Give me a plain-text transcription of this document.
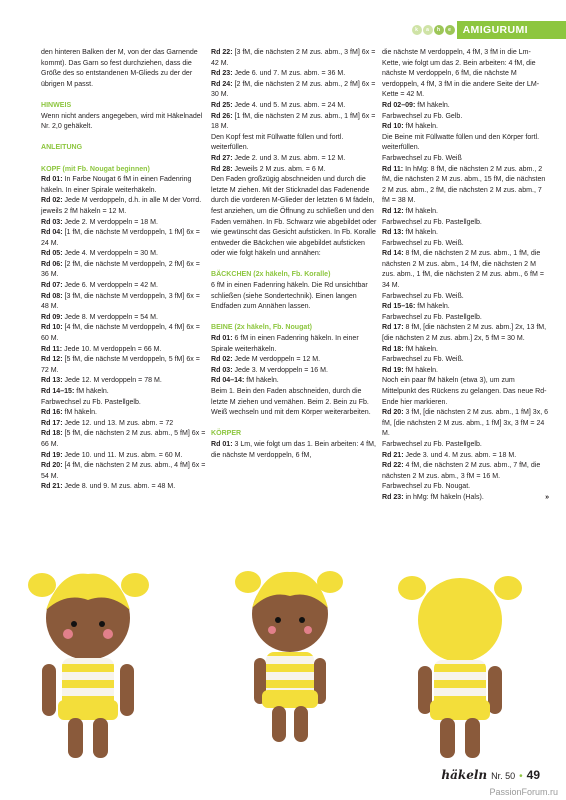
k	a	h	e	AMIGURUMI

den hinteren Balken der M, von der das Garnende kommt). Das Garn so fest durchziehen, dass die Größe des so entstandenen M-Glieds zu der der übrigen M passt.

HINWEIS

Wenn nicht anders angegeben, wird mit Häkelnadel Nr. 2,0 gehäkelt.

ANLEITUNG

KOPF (mit Fb. Nougat beginnen)

Rd 01: In Farbe Nougat 6 fM in einen Fadenring häkeln. In einer Spirale weiterhäkeln.

Rd 02: Jede M verdoppeln, d.h. in alle M der Vorrd. jeweils 2 fM häkeln = 12 M.

Rd 03: Jede 2. M verdoppeln = 18 M.

Rd 04: [1 fM, die nächste M verdoppeln, 1 fM] 6x = 24 M.

Rd 05: Jede 4. M verdoppeln = 30 M.

Rd 06: [2 fM, die nächste M verdoppeln, 2 fM] 6x = 36 M.

Rd 07: Jede 6. M verdoppeln = 42 M.

Rd 08: [3 fM, die nächste M verdoppeln, 3 fM] 6x = 48 M.

Rd 09: Jede 8. M verdoppeln = 54 M.

Rd 10: [4 fM, die nächste M verdoppeln, 4 fM] 6x = 60 M.

Rd 11: Jede 10. M verdoppeln = 66 M.

Rd 12: [5 fM, die nächste M verdoppeln, 5 fM] 6x = 72 M.

Rd 13: Jede 12. M verdoppeln = 78 M.

Rd 14–15: fM häkeln.

Farbwechsel zu Fb. Pastellgelb.

Rd 16: fM häkeln.

Rd 17: Jede 12. und 13. M zus. abm. = 72

Rd 18: [5 fM, die nächsten 2 M zus. abm., 5 fM] 6x = 66 M.

Rd 19: Jede 10. und 11. M zus. abm. = 60 M.

Rd 20: [4 fM, die nächsten 2 M zus. abm., 4 fM] 6x = 54 M.

Rd 21: Jede 8. und 9. M zus. abm. = 48 M.

Rd 22: [3 fM, die nächsten 2 M zus. abm., 3 fM] 6x = 42 M.

Rd 23: Jede 6. und 7. M zus. abm. = 36 M.

Rd 24: [2 fM, die nächsten 2 M zus. abm., 2 fM] 6x = 30 M.

Rd 25: Jede 4. und 5. M zus. abm. = 24 M.

Rd 26: [1 fM, die nächsten 2 M zus. abm., 1 fM] 6x = 18 M.

Den Kopf fest mit Füllwatte füllen und fortl. weiterfüllen.

Rd 27: Jede 2. und 3. M zus. abm. = 12 M.

Rd 28: Jeweils 2 M zus. abm. = 6 M.

Den Faden großzügig abschneiden und durch die letzte M ziehen. Mit der Sticknadel das Fadenende durch die vorderen M-Glieder der letzten 6 M fädeln, fest anziehen, um die Öffnung zu schließen und den Faden vernähen. In Fb. Schwarz wie abgebildet oder wie gewünscht das Gesicht aufsticken. In Fb. Koralle entweder die Bäckchen wie abgebildet aufsticken oder wie folgt häkeln und annähen:

BÄCKCHEN (2x häkeln, Fb. Koralle)

6 fM in einen Fadenring häkeln. Die Rd unsichtbar schließen (siehe Sondertechnik). Einen langen Endfaden zum Annähen lassen.

BEINE (2x häkeln, Fb. Nougat)

Rd 01: 6 fM in einen Fadenring häkeln. In einer Spirale weiterhäkeln.

Rd 02: Jede M verdoppeln = 12 M.

Rd 03: Jede 3. M verdoppeln = 16 M.

Rd 04–14: fM häkeln.

Beim 1. Bein den Faden abschneiden, durch die letzte M ziehen und vernähen. Beim 2. Bein zu Fb. Weiß wechseln und mit dem Körper weiterarbeiten.

KÖRPER

Rd 01: 3 Lm, wie folgt um das 1. Bein arbeiten: 4 fM, die nächste M verdoppeln, 6 fM,

die nächste M verdoppeln, 4 fM, 3 fM in die Lm-Kette, wie folgt um das 2. Bein arbeiten: 4 fM, die nächste M verdoppeln, 6 fM, die nächste M verdoppeln, 4 fM, 3 fM in die andere Seite der LM-Kette = 42 M.

Rd 02–09: fM häkeln.

Farbwechsel zu Fb. Gelb.

Rd 10: fM häkeln.

Die Beine mit Füllwatte füllen und den Körper fortl. weiterfüllen.

Farbwechsel zu Fb. Weiß

Rd 11: In hMg: 8 fM, die nächsten 2 M zus. abm., 2 fM, die nächsten 2 M zus. abm., 15 fM, die nächsten 2 M zus. abm., 2 fM, die nächsten 2 M zus. abm., 7 fM = 38 M.

Rd 12: fM häkeln.

Farbwechsel zu Fb. Pastellgelb.

Rd 13: fM häkeln.

Farbwechsel zu Fb. Weiß.

Rd 14: 8 fM, die nächsten 2 M zus. abm., 1 fM, die nächsten 2 M zus. abm., 14 fM, die nächsten 2 M zus. abm., 1 fM, die nächsten 2 M zus. abm., 6 fM = 34 M.

Farbwechsel zu Fb. Weiß.

Rd 15–16: fM häkeln.

Farbwechsel zu Fb. Pastellgelb.

Rd 17: 8 fM, [die nächsten 2 M zus. abm.] 2x, 13 fM, [die nächsten 2 M zus. abm.] 2x, 5 fM = 30 M.

Rd 18: fM häkeln.

Farbwechsel zu Fb. Weiß.

Rd 19: fM häkeln.

Noch ein paar fM häkeln (etwa 3), um zum Mittelpunkt des Rückens zu gelangen. Das neue Rd-Ende hier markieren.

Rd 20: 3 fM, [die nächsten 2 M zus. abm., 1 fM] 3x, 6 fM, [die nächsten 2 M zus. abm., 1 fM] 3x, 3 fM = 24 M.

Farbwechsel zu Fb. Pastellgelb.

Rd 21: Jede 3. und 4. M zus. abm. = 18 M.

Rd 22: 4 fM, die nächsten 2 M zus. abm., 7 fM, die nächsten 2 M zus. abm., 3 fM = 16 M.

Farbwechsel zu Fb. Nougat.

Rd 23: in hMg: fM häkeln (Hals).	»

häkeln Nr. 50 • 49
PassionForum.ru
